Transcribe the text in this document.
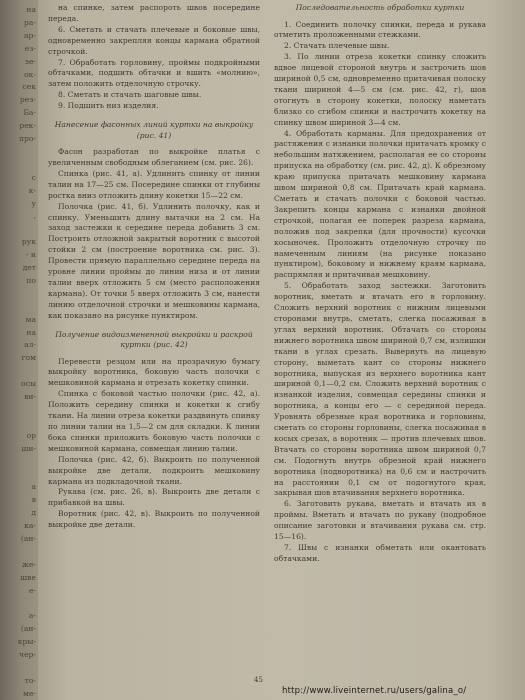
на
ра-
ар-
ез-
зе-
ок-
сек
рез-
Ба-
рек-
про-
с
к-
у
,
рук
- и
дет
по
ма
на
ал-
гом
осы
ви-
ор
ши-
а
в
д
ка-
(ан-
же-
шве
е-
а-
(ан-
кры-
чер-
то-
ме-

на спинке, затем распороть швов посередине переда.

6. Сметать и стачать плечевые и боковые швы, одновременно закрепляя концы кармана обратной строчкой.

7. Обработать горловину, проймы подкройными обтачками, подшить обтачки и вшить «молнию», затем положить отделочную строчку.

8. Сметать и стачать шаговые швы.

9. Подшить низ изделия.

Нанесение фасонных линий куртки на выкройку (рис. 41)

Фасон разработан по выкройке платья с увеличенным свободным облеганием (см. рис. 26).

Спинка (рис. 41, а). Удлинить спинку от линии талии на 17—25 см. Посередине спинки от глубины ростка вниз отложить длину кокетки 15—22 см.

Полочка (рис. 41, б). Удлинить полочку, как и спинку. Уменьшить длину вытачки на 2 см. На заход застежки к середине переда добавить 3 см. Построить отложной закрытый воротник с высотой стойки 2 см (построение воротника см. рис. 3). Провести прямую параллельно середине переда на уровне линии проймы до линии низа и от линии талии вверх отложить 5 см (место расположения кармана). От точки 5 вверх отложить 3 см, нанести линию отделочной строчки и мешковины кармана, как показано на рисунке пунктиром.

Получение видоизмененной выкройки и раскрой куртки (рис. 42)

Перевести резцом или на прозрачную бумагу выкройку воротника, боковую часть полочки с мешковиной кармана и отрезать кокетку спинки.

Спинка с боковой частью полочки (рис. 42, а). Положить середину спинки и кокетки к сгибу ткани. На линии отреза кокетки раздвинуть спинку по линии талии на 1,5—2 см для складки. К линии бока спинки приложить боковую часть полочки с мешковиной кармана, совмещая линию талии.

Полочка (рис. 42, б). Выкроить по полученной выкройке две детали, подкроить мешковину кармана из подкладочной ткани.

Рукава (см. рис. 26, в). Выкроить две детали с прибавкой на швы.

Воротник (рис. 42, в). Выкроить по полученной выкройке две детали.

Последовательность обработки куртки

1. Соединить полочку спинки, переда и рукава отметить проложенными стежками.

2. Стачать плечевые швы.

3. По линии отреза кокетки спинку сложить вдвое лицевой стороной внутрь и застрочить шов шириной 0,5 см, одновременно притачивая полоску ткани шириной 4—5 см (см. рис. 42, г), шов отогнуть в сторону кокетки, полоску наметать близко со сгибом спинки и настрочить кокетку на спинку швом шириной 3—4 см.

4. Обработать карманы. Для предохранения от растяжения с изнанки полочки притачать кромку с небольшим натяжением, располагая ее со стороны припуска на обработку (см. рис. 42, д). К обрезному краю припуска притачать мешковину кармана швом шириной 0,8 см. Притачать край кармана. Сметать и стачать полочки с боковой частью. Закрепить концы кармана с изнанки двойной строчкой, полагая ее поперек разреза кармана, положив под закрепки (для прочности) кусочки косыночек. Проложить отделочную строчку по намеченным линиям (на рисунке показано пунктиром), боковому и нижнему краям кармана, распрямляя и притачивая мешковину.

5. Обработать заход застежки. Заготовить воротник, вметать и втачать его в горловину. Сложить верхний воротник с нижним лицевыми сторонами внутрь, сметать, слегка посаживая в углах верхний воротник. Обтачать со стороны нижнего воротника швом шириной 0,7 см, излишки ткани в углах срезать. Вывернуть на лицевую сторону, выметать кант со стороны нижнего воротника, выпуская из верхнего воротника кант шириной 0,1—0,2 см. Сложить верхний воротник с изнанкой изделия, совмещая середины спинки и воротника, а концы его — с серединой переда. Уровнять обрезные края воротника и горловины, сметать со стороны горловины, слегка посаживая в косых срезах, а воротник — против плечевых швов. Втачать со стороны воротника швом шириной 0,7 см. Подогнуть внутрь обрезной край нижнего воротника (подворотника) на 0,6 см и настрочить на расстоянии 0,1 см от подогнутого края, закрывая шов втачивания верхнего воротника.

6. Заготовить рукава, вметать и втачать их в проймы. Вметать и втачать по рукаву (подробное описание заготовки и втачивания рукава см. стр. 15—16).

7. Швы с изнанки обметать или окантовать обтачками.

45
http://www.liveinternet.ru/users/galina_o/
